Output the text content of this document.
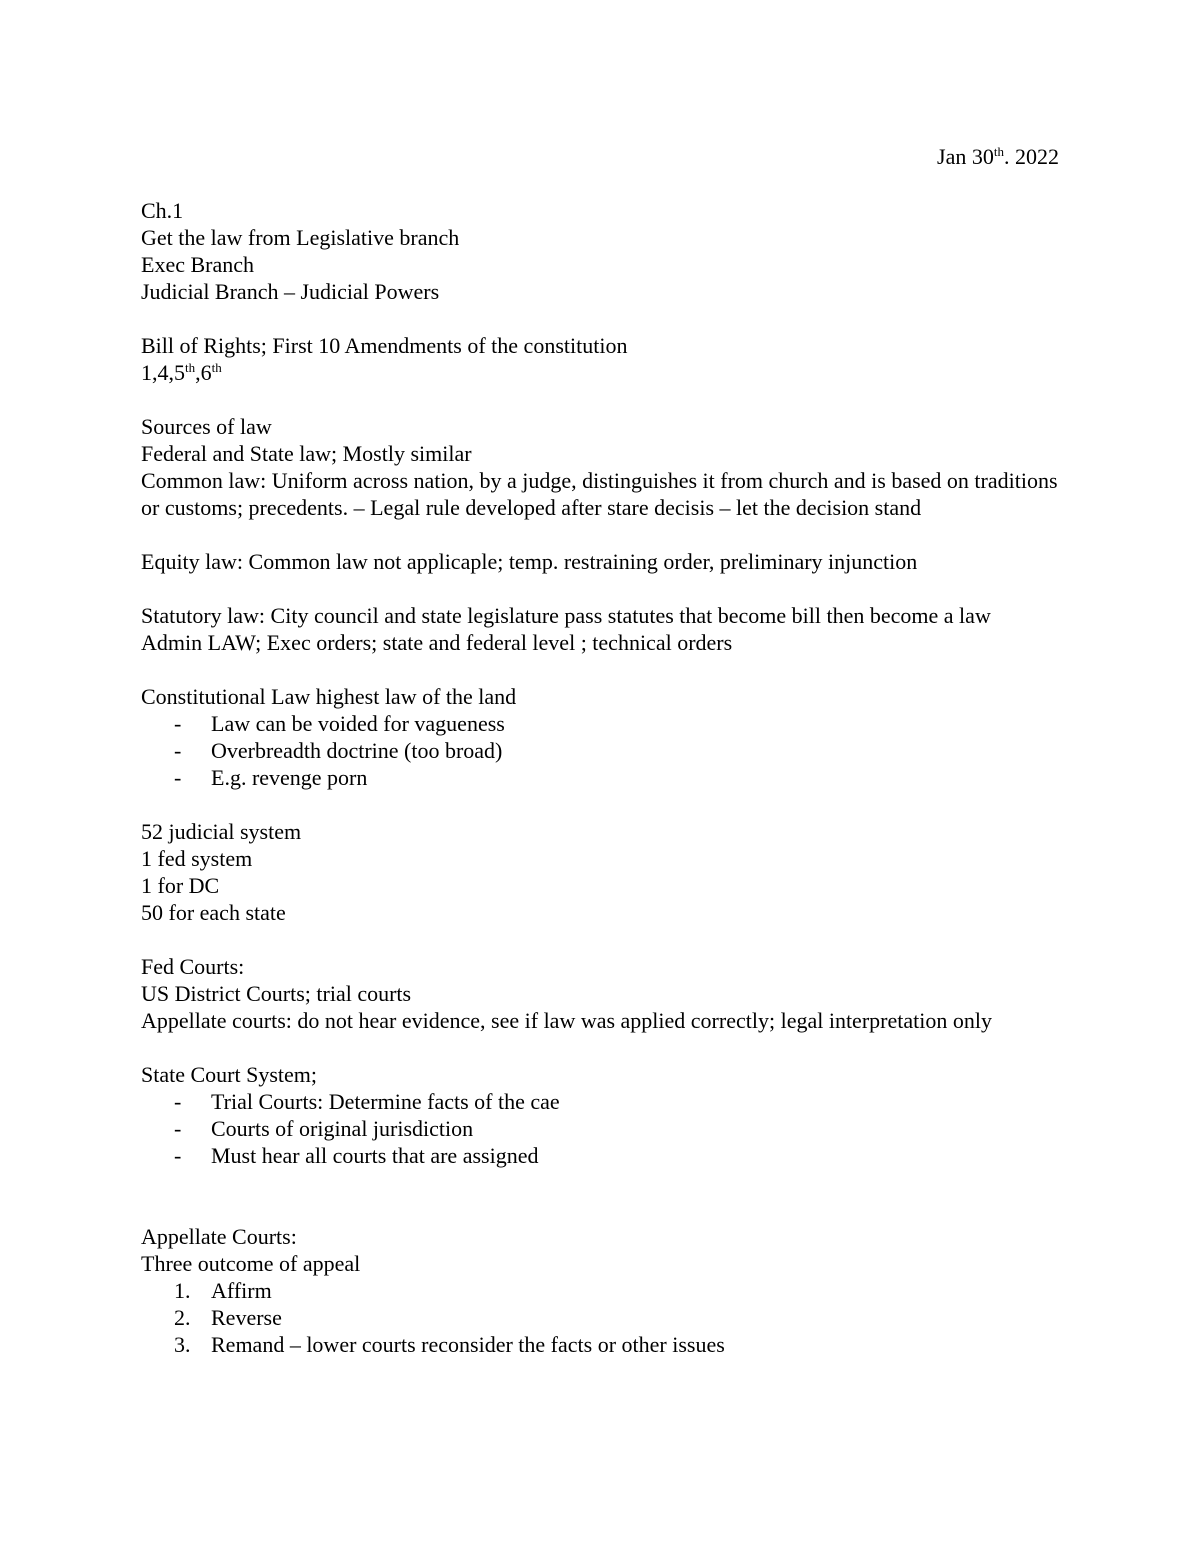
Jan 30th. 2022
Ch.1
Get the law from Legislative branch
Exec Branch
Judicial Branch – Judicial Powers
Bill of Rights; First 10 Amendments of the constitution
1,4,5th,6th
Sources of law
Federal and State law; Mostly similar
Common law: Uniform across nation, by a judge, distinguishes it from church and is based on traditions or customs; precedents. – Legal rule developed after stare decisis – let the decision stand
Equity law: Common law not applicaple; temp. restraining order, preliminary injunction
Statutory law: City council and state legislature pass statutes that become bill then become a law
Admin LAW; Exec orders; state and federal level ; technical orders
Constitutional Law highest law of the land
- Law can be voided for vagueness
- Overbreadth doctrine (too broad)
- E.g. revenge porn
52 judicial system
1 fed system
1 for DC
50 for each state
Fed Courts:
US District Courts; trial courts
Appellate courts: do not hear evidence, see if law was applied correctly; legal interpretation only
State Court System;
- Trial Courts: Determine facts of the cae
- Courts of original jurisdiction
- Must hear all courts that are assigned
Appellate Courts:
Three outcome of appeal
1. Affirm
2. Reverse
3. Remand – lower courts reconsider the facts or other issues
